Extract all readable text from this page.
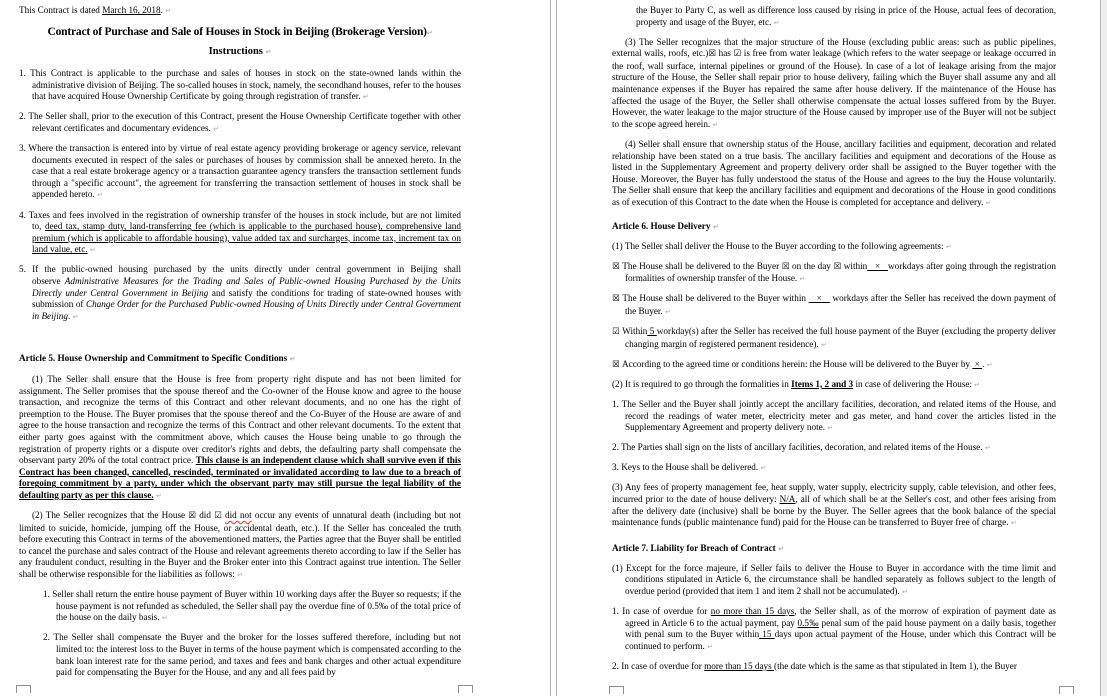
This Contract is dated March 16, 2018. ↵
Contract of Purchase and Sale of Houses in Stock in Beijing (Brokerage Version)↵
Instructions ↵
1. This Contract is applicable to the purchase and sales of houses in stock on the state-owned lands within the administrative division of Beijing. The so-called houses in stock, namely, the secondhand houses, refer to the houses that have acquired House Ownership Certificate by going through registration of transfer. ↵
2. The Seller shall, prior to the execution of this Contract, present the House Ownership Certificate together with other relevant certificates and documentary evidences. ↵
3. Where the transaction is entered into by virtue of real estate agency providing brokerage or agency service, relevant documents executed in respect of the sales or purchases of houses by commission shall be annexed hereto. In the case that a real estate brokerage agency or a transaction guarantee agency transfers the transaction settlement funds through a "specific account", the agreement for transferring the transaction settlement of houses in stock shall be appended hereto. ↵
4. Taxes and fees involved in the registration of ownership transfer of the houses in stock include, but are not limited to, deed tax, stamp duty, land-transferring fee (which is applicable to the purchased house), comprehensive land premium (which is applicable to affordable housing), value added tax and surcharges, income tax, increment tax on land value, etc. ↵
5. If the public-owned housing purchased by the units directly under central government in Beijing shall observe Administrative Measures for the Trading and Sales of Public-owned Housing Purchased by the Units Directly under Central Government in Beijing and satisfy the conditions for trading of state-owned houses with submission of Change Order for the Purchased Public-owned Housing of Units Directly under Central Government in Beijing. ↵
Article 5. House Ownership and Commitment to Specific Conditions ↵
(1) The Seller shall ensure that the House is free from property right dispute and has not been limited for assignment. The Seller promises that the spouse thereof and the Co-owner of the House know and agree to the house transaction, and recognize the terms of this Contract and other relevant documents, and no one has the right of preemption to the House. The Buyer promises that the spouse thereof and the Co-Buyer of the House are aware of and agree to the house transaction and recognize the terms of this Contract and other relevant documents. To the extent that either party goes against with the commitment above, which causes the House being unable to go through the registration of property rights or a dispute over creditor's rights and debts, the defaulting party shall compensate the observant party 20% of the total contract price. This clause is an independent clause which shall survive even if this Contract has been changed, cancelled, rescinded, terminated or invalidated according to law due to a breach of foregoing commitment by a party, under which the observant party may still pursue the legal liability of the defaulting party as per this clause. ↵
(2) The Seller recognizes that the House ☒ did ☑ did not occur any events of unnatural death (including but not limited to suicide, homicide, jumping off the House, or accidental death, etc.). If the Seller has concealed the truth before executing this Contract in terms of the abovementioned matters, the Parties agree that the Buyer shall be entitled to cancel the purchase and sales contract of the House and relevant agreements thereto according to law if the Seller has any fraudulent conduct, resulting in the Buyer and the Broker enter into this Contract against true intention. The Seller shall be otherwise responsible for the liabilities as follows: ↵
1. Seller shall return the entire house payment of Buyer within 10 working days after the Buyer so requests; if the house payment is not refunded as scheduled, the Seller shall pay the overdue fine of 0.5‰ of the total price of the house on the daily basis. ↵
2. The Seller shall compensate the Buyer and the broker for the losses suffered therefore, including but not limited to: the interest loss to the Buyer in terms of the house payment which is compensated according to the bank loan interest rate for the same period, and taxes and fees and bank charges and other actual expenditure paid for compensating the Buyer for the House, and any and all fees paid by
the Buyer to Party C, as well as difference loss caused by rising in price of the House, actual fees of decoration, property and usage of the Buyer, etc. ↵
(3) The Seller recognizes that the major structure of the House (excluding public areas: such as public pipelines, external walls, roofs, etc.)☒ has ☑ is free from water leakage (which refers to the water seepage or leakage occurred in the roof, wall surface, internal pipelines or ground of the House). In case of a lot of leakage arising from the major structure of the House, the Seller shall repair prior to house delivery, failing which the Buyer shall assume any and all maintenance expenses if the Buyer has repaired the same after house delivery. If the maintenance of the House has affected the usage of the Buyer, the Seller shall otherwise compensate the actual losses suffered from by the Buyer. However, the water leakage to the major structure of the House caused by improper use of the Buyer will not be subject to the scope agreed herein. ↵
(4) Seller shall ensure that ownership status of the House, ancillary facilities and equipment, decoration and related relationship have been stated on a true basis. The ancillary facilities and equipment and decorations of the House as listed in the Supplementary Agreement and property delivery order shall be assigned to the Buyer together with the House. Moreover, the Buyer has fully understood the status of the House and agrees to the buy the House voluntarily. The Seller shall ensure that keep the ancillary facilities and equipment and decorations of the House in good conditions as of execution of this Contract to the date when the House is completed for acceptance and delivery. ↵
Article 6. House Delivery ↵
(1) The Seller shall deliver the House to the Buyer according to the following agreements: ↵
☒ The House shall be delivered to the Buyer ☒ on the day ☒ within   ×   workdays after going through the registration formalities of ownership transfer of the House. ↵
☒ The House shall be delivered to the Buyer within    ×    workdays after the Seller has received the down payment of the Buyer. ↵
☑ Within 5 workday(s) after the Seller has received the full house payment of the Buyer (excluding the property deliver changing margin of registered permanent residence). ↵
☒ According to the agreed time or conditions herein: the House will be delivered to the Buyer by  × . ↵
(2) It is required to go through the formalities in Items 1, 2 and 3 in case of delivering the House: ↵
1. The Seller and the Buyer shall jointly accept the ancillary facilities, decoration, and related items of the House, and record the readings of water meter, electricity meter and gas meter, and hand cover the articles listed in the Supplementary Agreement and property delivery note. ↵
2. The Parties shall sign on the lists of ancillary facilities, decoration, and related items of the House. ↵
3. Keys to the House shall be delivered. ↵
(3) Any fees of property management fee, heat supply, water supply, electricity supply, cable television, and other fees, incurred prior to the date of house delivery: N/A, all of which shall be at the Seller's cost, and other fees arising from after the delivery date (inclusive) shall be borne by the Buyer. The Seller agrees that the book balance of the special maintenance funds (public maintenance fund) paid for the House can be transferred to Buyer free of charge. ↵
Article 7. Liability for Breach of Contract ↵
(1) Except for the force majeure, if Seller fails to deliver the House to Buyer in accordance with the time limit and conditions stipulated in Article 6, the circumstance shall be handled separately as follows subject to the length of overdue period (provided that item 1 and item 2 shall not be accumulated). ↵
1. In case of overdue for no more than 15 days, the Seller shall, as of the morrow of expiration of payment date as agreed in Article 6 to the actual payment, pay 0.5‰ penal sum of the paid house payment on a daily basis, together with penal sum to the Buyer within 15 days upon actual payment of the House, under which this Contract will be continued to perform. ↵
2. In case of overdue for more than 15 days (the date which is the same as that stipulated in Item 1), the Buyer
